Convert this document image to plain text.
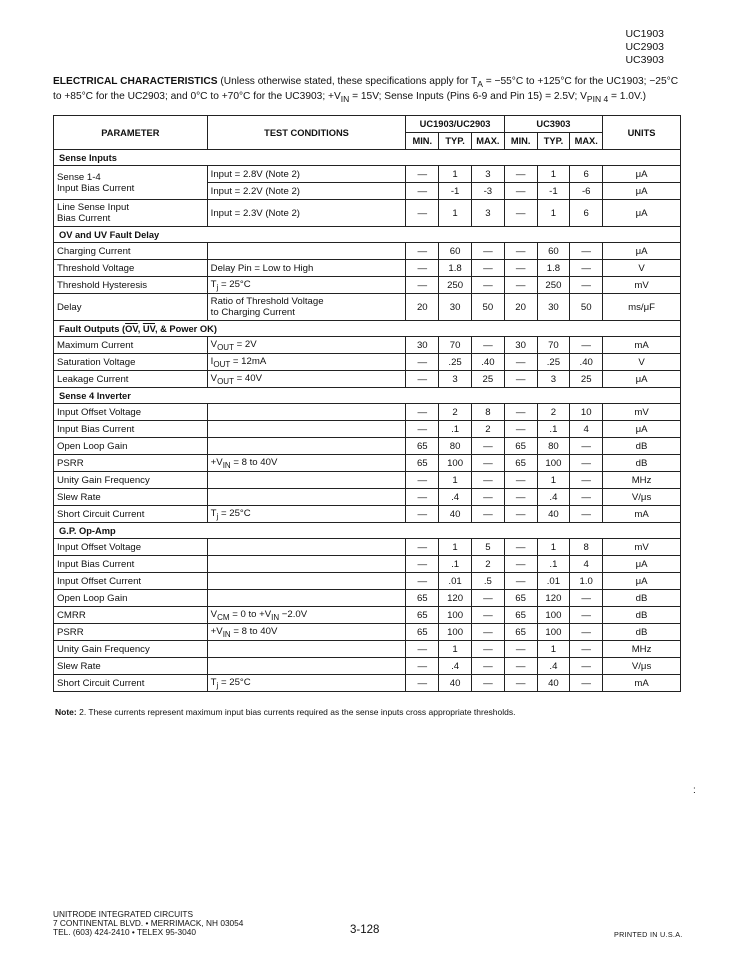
UC1903
UC2903
UC3903
ELECTRICAL CHARACTERISTICS (Unless otherwise stated, these specifications apply for $T_A = -55^\circ C$ to +125°C for the UC1903; −25°C to +85°C for the UC2903; and 0°C to +70°C for the UC3903; $+V_{IN} = 15V$; Sense Inputs (Pins 6-9 and Pin 15) = 2.5V; $V_{PIN 4} = 1.0V$.)
PARAMETER	TEST CONDITIONS	UC1903/UC2903			UC3903			UNITS
		MIN.	TYP.	MAX.	MIN.	TYP.	MAX.	
Sense Inputs								

Sense 1-4
Input Bias Current	Input = 2.8V (Note 2)	—	1	3	—	1	6	μA
	Input = 2.2V (Note 2)	—	-1	-3	—	-1	-6	μA

Line Sense Input
Bias Current	Input = 2.3V (Note 2)	—	1	3	—	1	6	μA
OV and UV Fault Delay								
Charging Current		—	60	—	—	60	—	μA
Threshold Voltage	Delay Pin = Low to High	—	1.8	—	—	1.8	—	V
Threshold Hysteresis	$T_j = 25^\circ C$	—	250	—	—	250	—	mV
Delay	Ratio of Threshold Voltage
to Charging Current	20	30	50	20	30	50	ms/μF
Fault Outputs ($\overline{OV}$, $\overline{UV}$, & Power OK)								
Maximum Current	$V_{OUT} = 2V$	30	70	—	30	70	—	mA
Saturation Voltage	$I_{OUT} = 12mA$	—	.25	.40	—	.25	.40	V
Leakage Current	$V_{OUT} = 40V$	—	3	25	—	3	25	μA
Sense 4 Inverter								
Input Offset Voltage		—	2	8	—	2	10	mV
Input Bias Current		—	.1	2	—	.1	4	μA
Open Loop Gain		65	80	—	65	80	—	dB
PSRR	$+V_{IN} = 8$ to 40V	65	100	—	65	100	—	dB
Unity Gain Frequency		—	1	—	—	1	—	MHz
Slew Rate		—	.4	—	—	.4	—	V/μs
Short Circuit Current	$T_j = 25^\circ C$	—	40	—	—	40	—	mA
G.P. Op-Amp								
Input Offset Voltage		—	1	5	—	1	8	mV
Input Bias Current		—	.1	2	—	.1	4	μA
Input Offset Current		—	.01	.5	—	.01	1.0	μA
Open Loop Gain		65	120	—	65	120	—	dB
CMRR	$V_{CM} = 0$ to $+V_{IN} -2.0V$	65	100	—	65	100	—	dB
PSRR	$+V_{IN} = 8$ to 40V	65	100	—	65	100	—	dB
Unity Gain Frequency		—	1	—	—	1	—	MHz
Slew Rate		—	.4	—	—	.4	—	V/μs
Short Circuit Current	$T_j = 25^\circ C$	—	40	—	—	40	—	mA
Note: 2. These currents represent maximum input bias currents required as the sense inputs cross appropriate thresholds.
:
UNITRODE INTEGRATED CIRCUITS
7 CONTINENTAL BLVD. • MERRIMACK, NH 03054
TEL. (603) 424-2410 • TELEX 95-3040	3-128	PRINTED IN U.S.A.
